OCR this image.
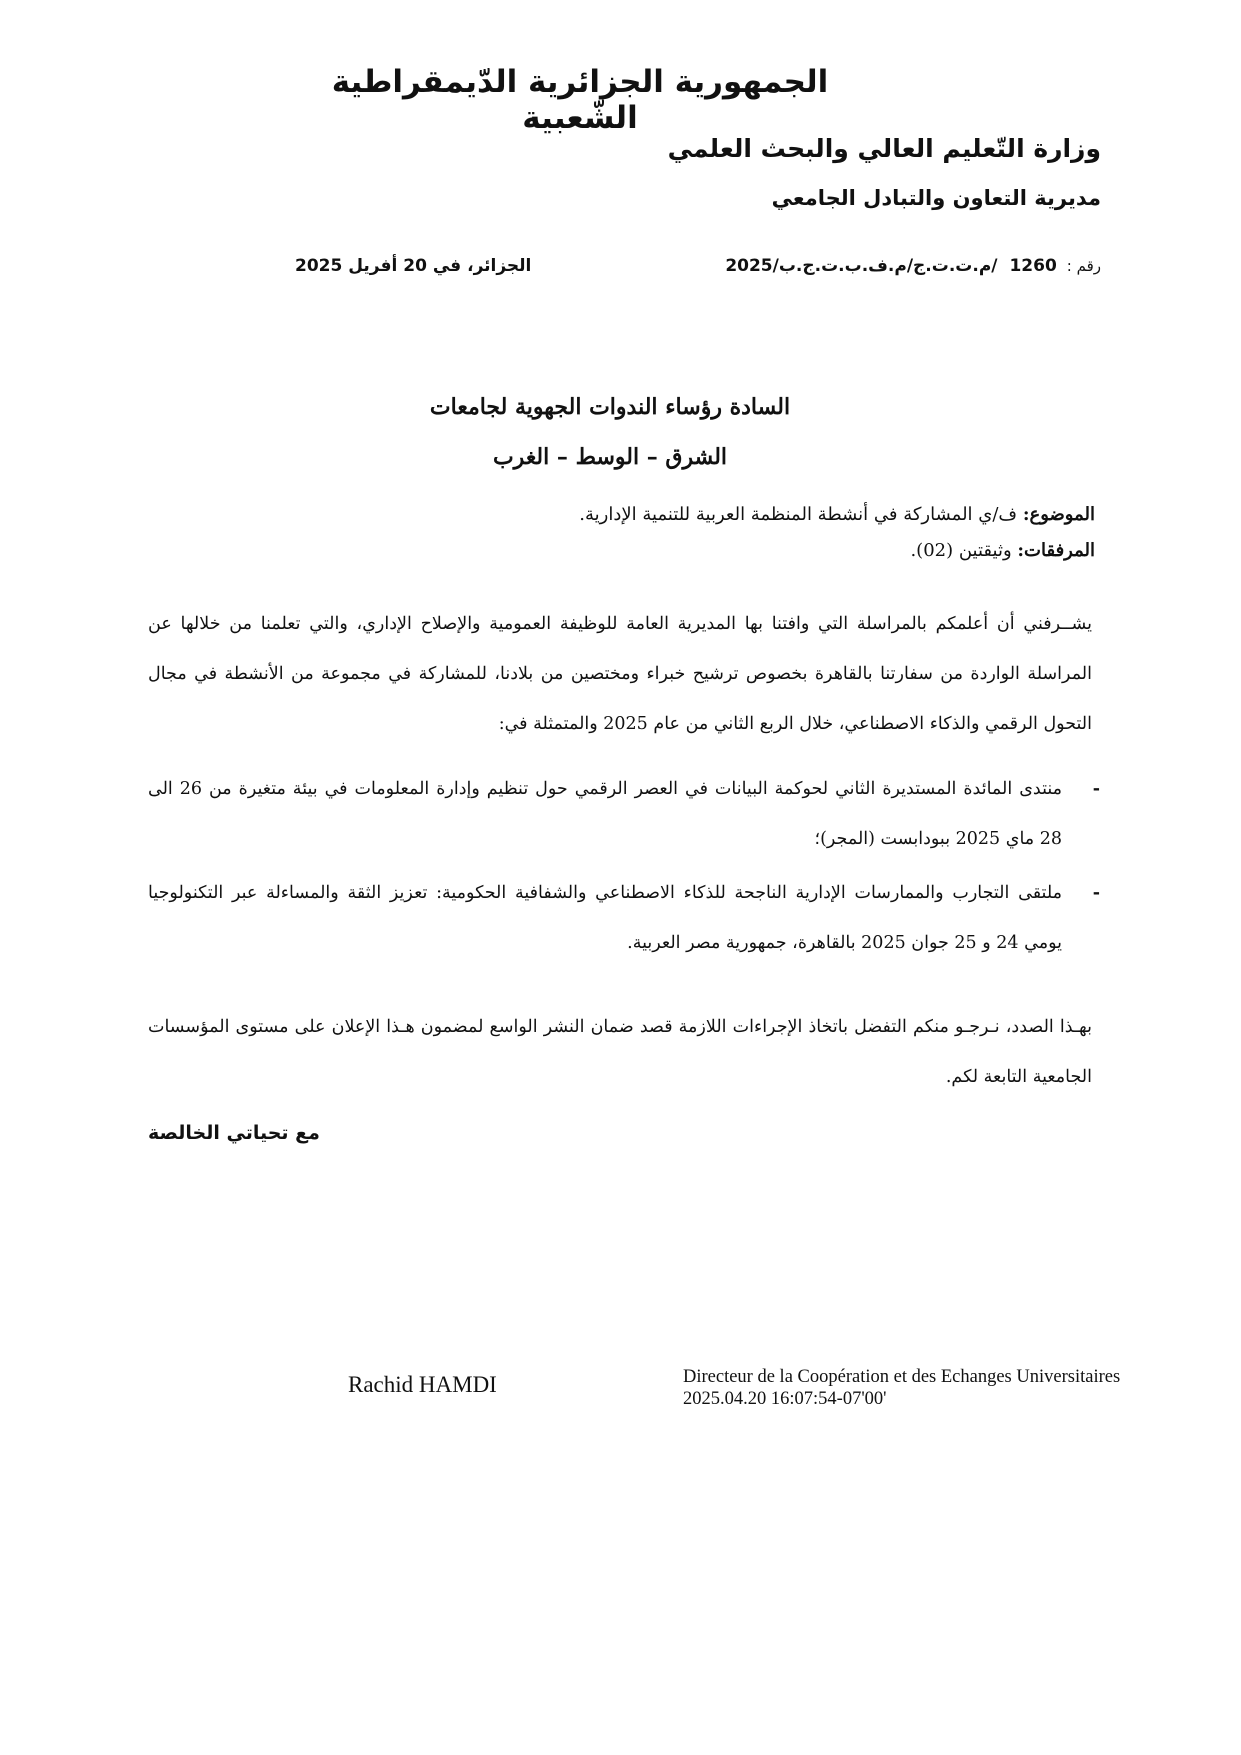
الجمهورية الجزائرية الدّيمقراطية الشّعبية
وزارة التّعليم العالي والبحث العلمي
مديرية التعاون والتبادل الجامعي
رقم :1260 /م.ت.ت.ج/م.ف.ب.ت.ج.ب/2025
الجزائر، في 20 أفريل 2025
السادة رؤساء الندوات الجهوية لجامعات
الشرق – الوسط – الغرب
الموضوع: ف/ي المشاركة في أنشطة المنظمة العربية للتنمية الإدارية.
المرفقات: وثيقتين (02).
يشــرفني أن أعلمكم بالمراسلة التي وافتنا بها المديرية العامة للوظيفة العمومية والإصلاح الإداري، والتي تعلمنا من خلالها عن المراسلة الواردة من سفارتنا بالقاهرة بخصوص ترشيح خبراء ومختصين من بلادنا، للمشاركة في مجموعة من الأنشطة في مجال التحول الرقمي والذكاء الاصطناعي، خلال الربع الثاني من عام 2025 والمتمثلة في:
-
منتدى المائدة المستديرة الثاني لحوكمة البيانات في العصر الرقمي حول تنظيم وإدارة المعلومات في بيئة متغيرة من 26 الى 28 ماي 2025 ببودابست (المجر)؛
-
ملتقى التجارب والممارسات الإدارية الناجحة للذكاء الاصطناعي والشفافية الحكومية: تعزيز الثقة والمساءلة عبر التكنولوجيا يومي 24 و 25 جوان 2025 بالقاهرة، جمهورية مصر العربية.
بهـذا الصدد، نـرجـو منكم التفضل باتخاذ الإجراءات اللازمة قصد ضمان النشر الواسع لمضمون هـذا الإعلان على مستوى المؤسسات الجامعية التابعة لكم.
مع تحياتي الخالصة
Rachid HAMDI	Directeur de la Coopération et des Echanges Universitaires
2025.04.20 16:07:54-07'00'
